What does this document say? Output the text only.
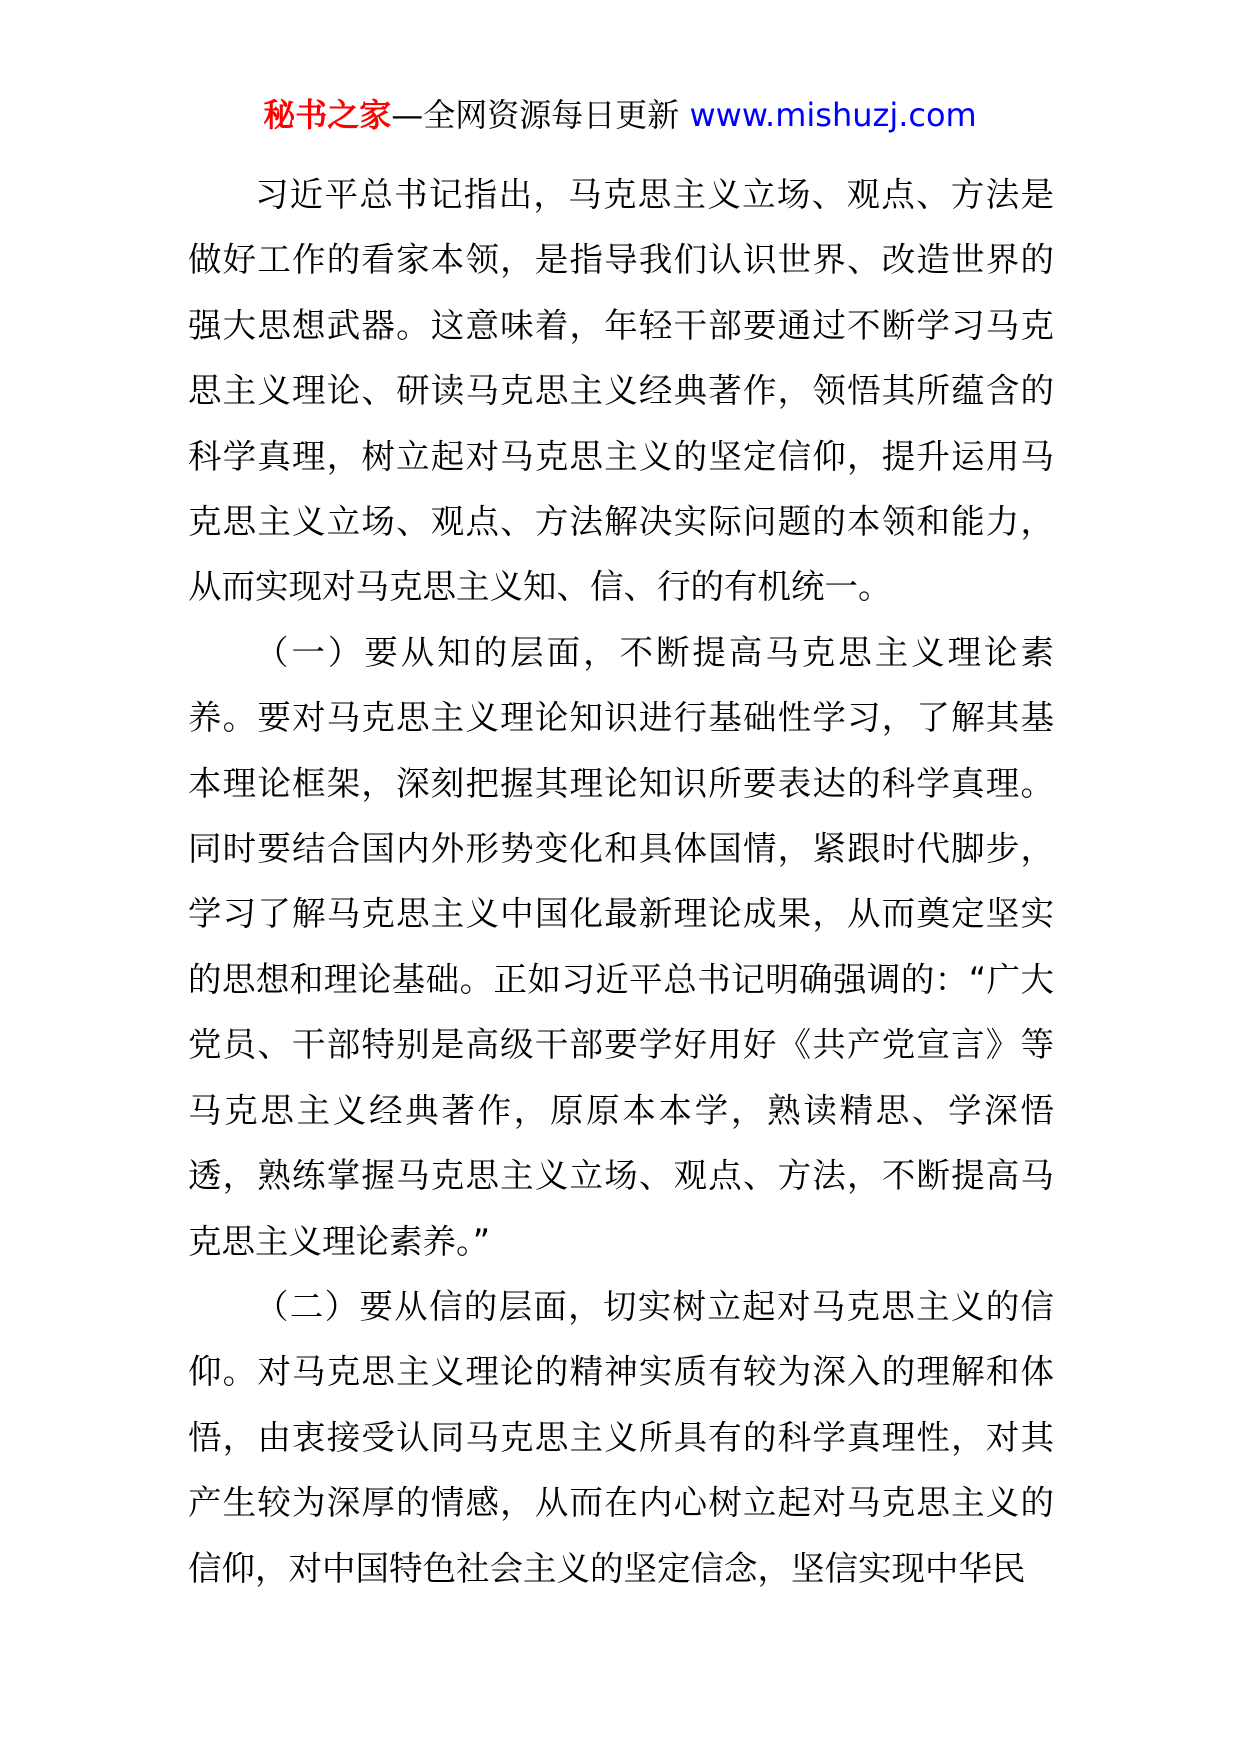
秘书之家—全网资源每日更新 www.mishuzj.com

习近平总书记指出，马克思主义立场、观点、方法是做好工作的看家本领，是指导我们认识世界、改造世界的强大思想武器。这意味着，年轻干部要通过不断学习马克思主义理论、研读马克思主义经典著作，领悟其所蕴含的科学真理，树立起对马克思主义的坚定信仰，提升运用马克思主义立场、观点、方法解决实际问题的本领和能力，从而实现对马克思主义知、信、行的有机统一。

（一）要从知的层面，不断提高马克思主义理论素养。要对马克思主义理论知识进行基础性学习，了解其基本理论框架，深刻把握其理论知识所要表达的科学真理。同时要结合国内外形势变化和具体国情，紧跟时代脚步，学习了解马克思主义中国化最新理论成果，从而奠定坚实的思想和理论基础。正如习近平总书记明确强调的：“广大党员、干部特别是高级干部要学好用好《共产党宣言》等马克思主义经典著作，原原本本学，熟读精思、学深悟透，熟练掌握马克思主义立场、观点、方法，不断提高马克思主义理论素养。”

（二）要从信的层面，切实树立起对马克思主义的信仰。对马克思主义理论的精神实质有较为深入的理解和体悟，由衷接受认同马克思主义所具有的科学真理性，对其产生较为深厚的情感，从而在内心树立起对马克思主义的信仰，对中国特色社会主义的坚定信念，坚信实现中华民
